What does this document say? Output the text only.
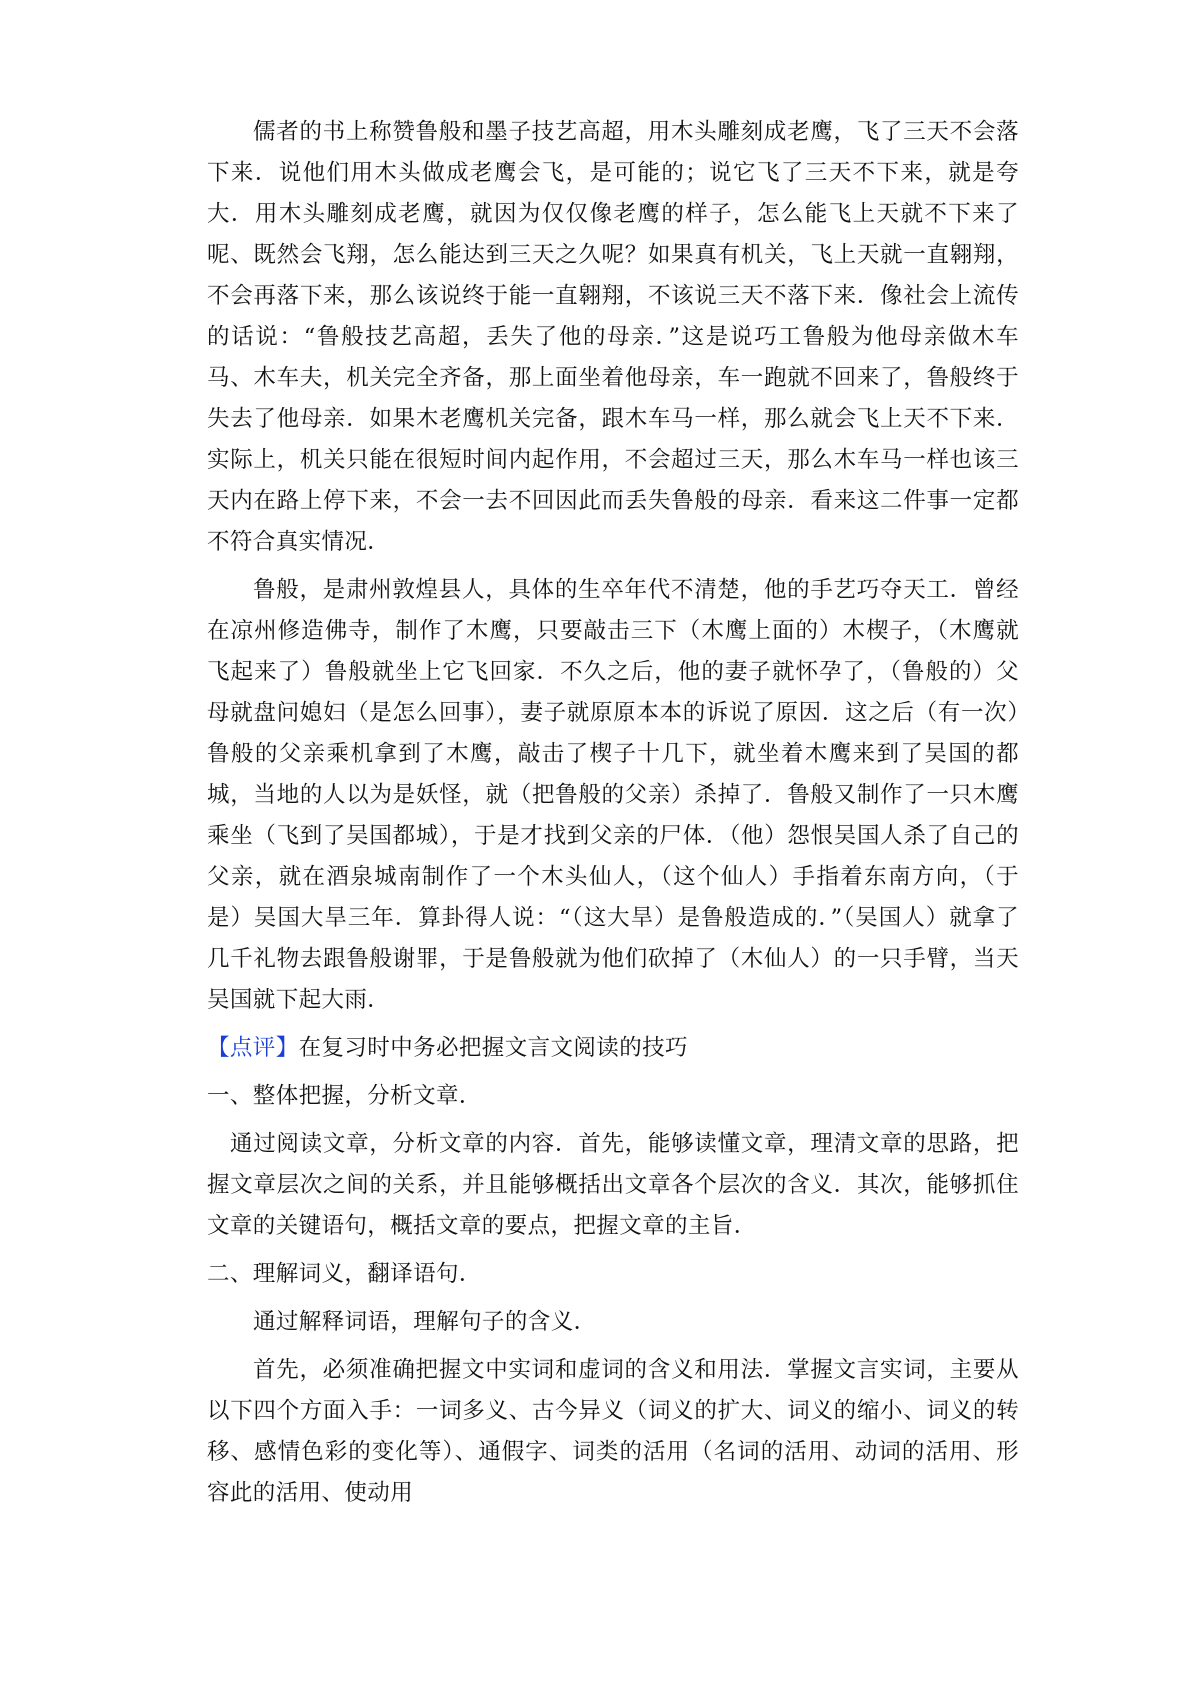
儒者的书上称赞鲁般和墨子技艺高超，用木头雕刻成老鹰，飞了三天不会落下来．说他们用木头做成老鹰会飞，是可能的；说它飞了三天不下来，就是夸大．用木头雕刻成老鹰，就因为仅仅像老鹰的样子，怎么能飞上天就不下来了呢、既然会飞翔，怎么能达到三天之久呢？如果真有机关，飞上天就一直翱翔，不会再落下来，那么该说终于能一直翱翔，不该说三天不落下来．像社会上流传的话说：“鲁般技艺高超，丢失了他的母亲．”这是说巧工鲁般为他母亲做木车马、木车夫，机关完全齐备，那上面坐着他母亲，车一跑就不回来了，鲁般终于失去了他母亲．如果木老鹰机关完备，跟木车马一样，那么就会飞上天不下来．实际上，机关只能在很短时间内起作用，不会超过三天，那么木车马一样也该三天内在路上停下来，不会一去不回因此而丢失鲁般的母亲．看来这二件事一定都不符合真实情况．

鲁般，是肃州敦煌县人，具体的生卒年代不清楚，他的手艺巧夺天工．曾经在凉州修造佛寺，制作了木鹰，只要敲击三下（木鹰上面的）木楔子，（木鹰就飞起来了）鲁般就坐上它飞回家．不久之后，他的妻子就怀孕了，（鲁般的）父母就盘问媳妇（是怎么回事），妻子就原原本本的诉说了原因．这之后（有一次）鲁般的父亲乘机拿到了木鹰，敲击了楔子十几下，就坐着木鹰来到了吴国的都城，当地的人以为是妖怪，就（把鲁般的父亲）杀掉了．鲁般又制作了一只木鹰乘坐（飞到了吴国都城），于是才找到父亲的尸体．（他）怨恨吴国人杀了自己的父亲，就在酒泉城南制作了一个木头仙人，（这个仙人）手指着东南方向，（于是）吴国大旱三年．算卦得人说：“（这大旱）是鲁般造成的．”（吴国人）就拿了几千礼物去跟鲁般谢罪，于是鲁般就为他们砍掉了（木仙人）的一只手臂，当天吴国就下起大雨．

【点评】在复习时中务必把握文言文阅读的技巧

一、整体把握，分析文章．

通过阅读文章，分析文章的内容．首先，能够读懂文章，理清文章的思路，把握文章层次之间的关系，并且能够概括出文章各个层次的含义．其次，能够抓住文章的关键语句，概括文章的要点，把握文章的主旨．

二、理解词义，翻译语句．

通过解释词语，理解句子的含义．

首先，必须准确把握文中实词和虚词的含义和用法．掌握文言实词，主要从以下四个方面入手：一词多义、古今异义（词义的扩大、词义的缩小、词义的转移、感情色彩的变化等）、通假字、词类的活用（名词的活用、动词的活用、形容此的活用、使动用
